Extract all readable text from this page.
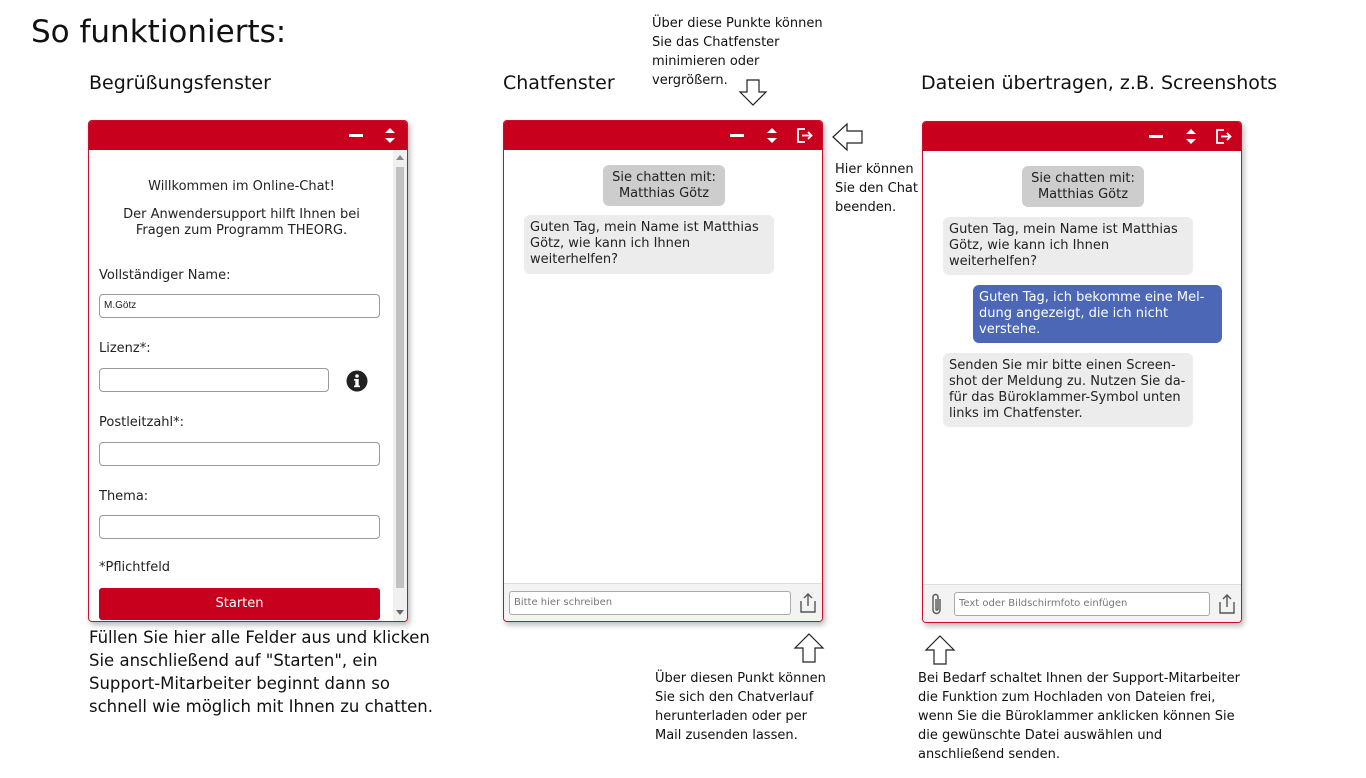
So funktionierts:
Begrüßungsfenster	Chatfenster	Dateien übertragen, z.B. Screenshots
Über diese Punkte können
Sie das Chatfenster
minimieren oder
vergrößern.
Hier können
Sie den Chat
beenden.
Willkommen im Online-Chat!
Der Anwendersupport hilft Ihnen bei
Fragen zum Programm THEORG.
Vollständiger Name:
M.Götz
Lizenz*:
Postleitzahl*:
Thema:
*Pflichtfeld
Starten
Füllen Sie hier alle Felder aus und klicken
Sie anschließend auf "Starten", ein
Support-Mitarbeiter beginnt dann so
schnell wie möglich mit Ihnen zu chatten.
Sie chatten mit:
Matthias Götz
Guten Tag, mein Name ist Matthias
Götz, wie kann ich Ihnen
weiterhelfen?
Bitte hier schreiben
Über diesen Punkt können
Sie sich den Chatverlauf
herunterladen oder per
Mail zusenden lassen.
Sie chatten mit:
Matthias Götz
Guten Tag, mein Name ist Matthias
Götz, wie kann ich Ihnen
weiterhelfen?
Guten Tag, ich bekomme eine Mel-
dung angezeigt, die ich nicht
verstehe.
Senden Sie mir bitte einen Screen-
shot der Meldung zu. Nutzen Sie da-
für das Büroklammer-Symbol unten
links im Chatfenster.
Text oder Bildschirmfoto einfügen
Bei Bedarf schaltet Ihnen der Support-Mitarbeiter
die Funktion zum Hochladen von Dateien frei,
wenn Sie die Büroklammer anklicken können Sie
die gewünschte Datei auswählen und
anschließend senden.
